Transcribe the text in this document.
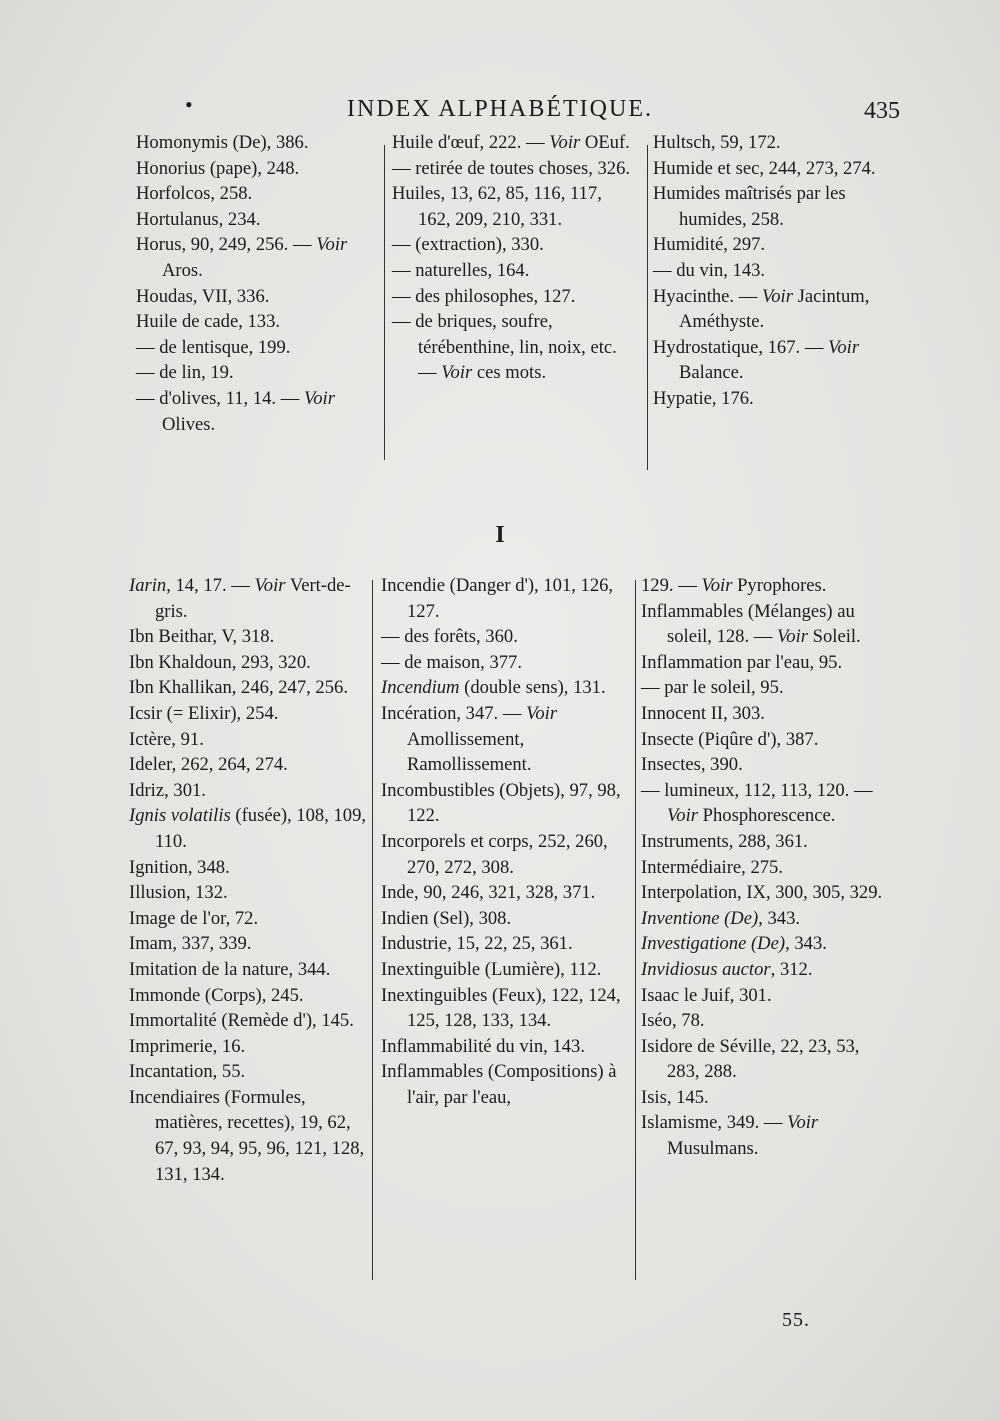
•	INDEX ALPHABÉTIQUE.	435
Homonymis (De), 386.
Honorius (pape), 248.
Horfolcos, 258.
Hortulanus, 234.
Horus, 90, 249, 256. — Voir Aros.
Houdas, VII, 336.
Huile de cade, 133.
— de lentisque, 199.
— de lin, 19.
— d'olives, 11, 14. — Voir Olives.
Huile d'œuf, 222. — Voir OEuf.
— retirée de toutes choses, 326.
Huiles, 13, 62, 85, 116, 117, 162, 209, 210, 331.
— (extraction), 330.
— naturelles, 164.
— des philosophes, 127.
— de briques, soufre, térébenthine, lin, noix, etc. — Voir ces mots.
Hultsch, 59, 172.
Humide et sec, 244, 273, 274.
Humides maîtrisés par les humides, 258.
Humidité, 297.
— du vin, 143.
Hyacinthe. — Voir Jacintum, Améthyste.
Hydrostatique, 167. — Voir Balance.
Hypatie, 176.
I
Iarin, 14, 17. — Voir Vert-de-gris.
Ibn Beithar, V, 318.
Ibn Khaldoun, 293, 320.
Ibn Khallikan, 246, 247, 256.
Icsir (= Elixir), 254.
Ictère, 91.
Ideler, 262, 264, 274.
Idriz, 301.
Ignis volatilis (fusée), 108, 109, 110.
Ignition, 348.
Illusion, 132.
Image de l'or, 72.
Imam, 337, 339.
Imitation de la nature, 344.
Immonde (Corps), 245.
Immortalité (Remède d'), 145.
Imprimerie, 16.
Incantation, 55.
Incendiaires (Formules, matières, recettes), 19, 62, 67, 93, 94, 95, 96, 121, 128, 131, 134.
Incendie (Danger d'), 101, 126, 127.
— des forêts, 360.
— de maison, 377.
Incendium (double sens), 131.
Incération, 347. — Voir Amollissement, Ramollissement.
Incombustibles (Objets), 97, 98, 122.
Incorporels et corps, 252, 260, 270, 272, 308.
Inde, 90, 246, 321, 328, 371.
Indien (Sel), 308.
Industrie, 15, 22, 25, 361.
Inextinguible (Lumière), 112.
Inextinguibles (Feux), 122, 124, 125, 128, 133, 134.
Inflammabilité du vin, 143.
Inflammables (Compositions) à l'air, par l'eau,
129. — Voir Pyrophores.
Inflammables (Mélanges) au soleil, 128. — Voir Soleil.
Inflammation par l'eau, 95.
— par le soleil, 95.
Innocent II, 303.
Insecte (Piqûre d'), 387.
Insectes, 390.
— lumineux, 112, 113, 120. — Voir Phosphorescence.
Instruments, 288, 361.
Intermédiaire, 275.
Interpolation, IX, 300, 305, 329.
Inventione (De), 343.
Investigatione (De), 343.
Invidiosus auctor, 312.
Isaac le Juif, 301.
Iséo, 78.
Isidore de Séville, 22, 23, 53, 283, 288.
Isis, 145.
Islamisme, 349. — Voir Musulmans.
55.
